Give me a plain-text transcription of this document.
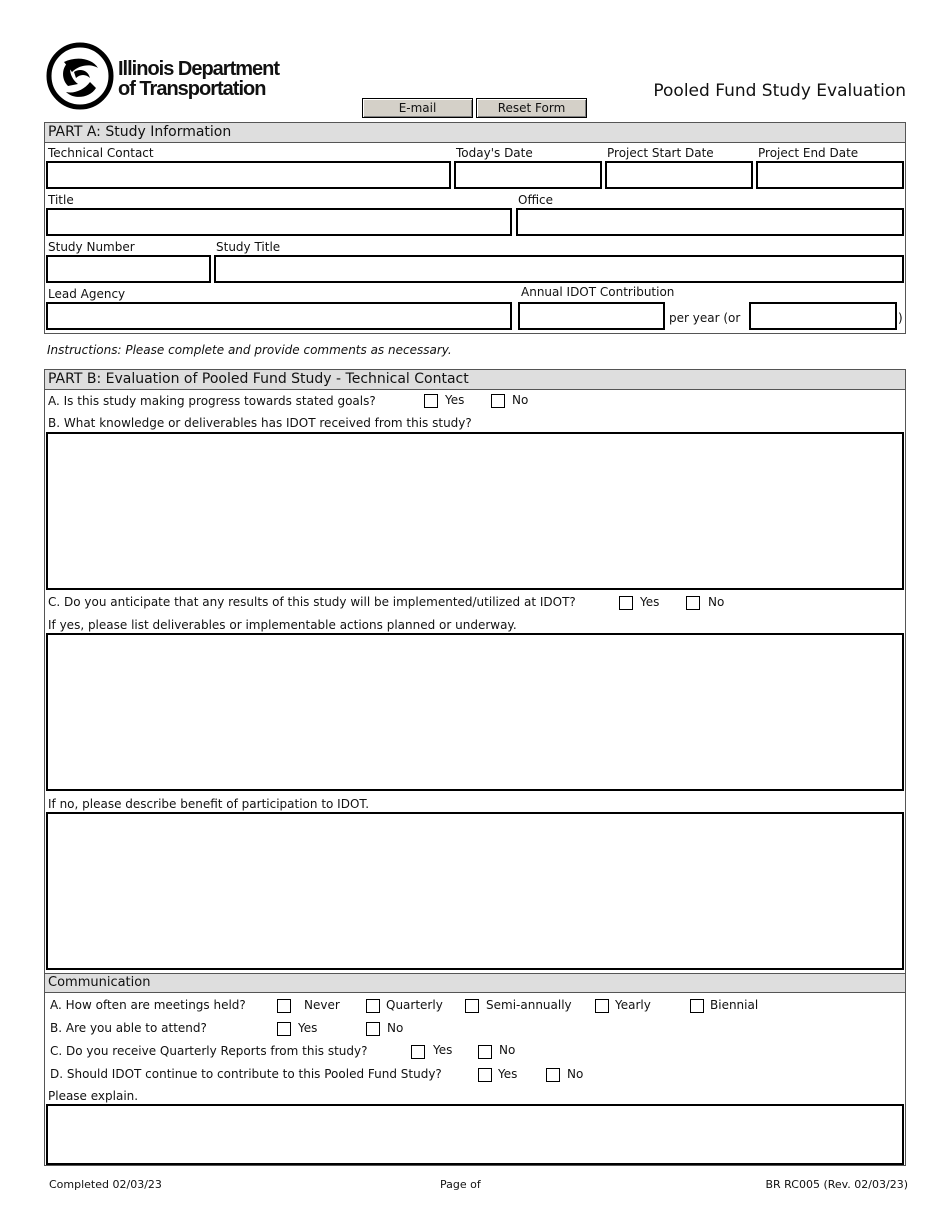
Illinois Department
of Transportation	Pooled Fund Study Evaluation
E-mail	Reset Form
PART A: Study Information
Technical Contact	Today's Date	Project Start Date	Project End Date
Title	Office
Study Number	Study Title
Lead Agency	Annual IDOT Contribution
per year (or	)
Instructions: Please complete and provide comments as necessary.
PART B: Evaluation of Pooled Fund Study - Technical Contact
A. Is this study making progress towards stated goals?	Yes	No
B. What knowledge or deliverables has IDOT received from this study?
C. Do you anticipate that any results of this study will be implemented/utilized at IDOT?	Yes	No
If yes, please list deliverables or implementable actions planned or underway.
If no, please describe benefit of participation to IDOT.
Communication
A. How often are meetings held?	Never	Quarterly	Semi-annually	Yearly	Biennial
B. Are you able to attend?	Yes	No
C. Do you receive Quarterly Reports from this study?	Yes	No
D. Should IDOT continue to contribute to this Pooled Fund Study?	Yes	No
Please explain.
Completed 02/03/23	Page of	BR RC005 (Rev. 02/03/23)
